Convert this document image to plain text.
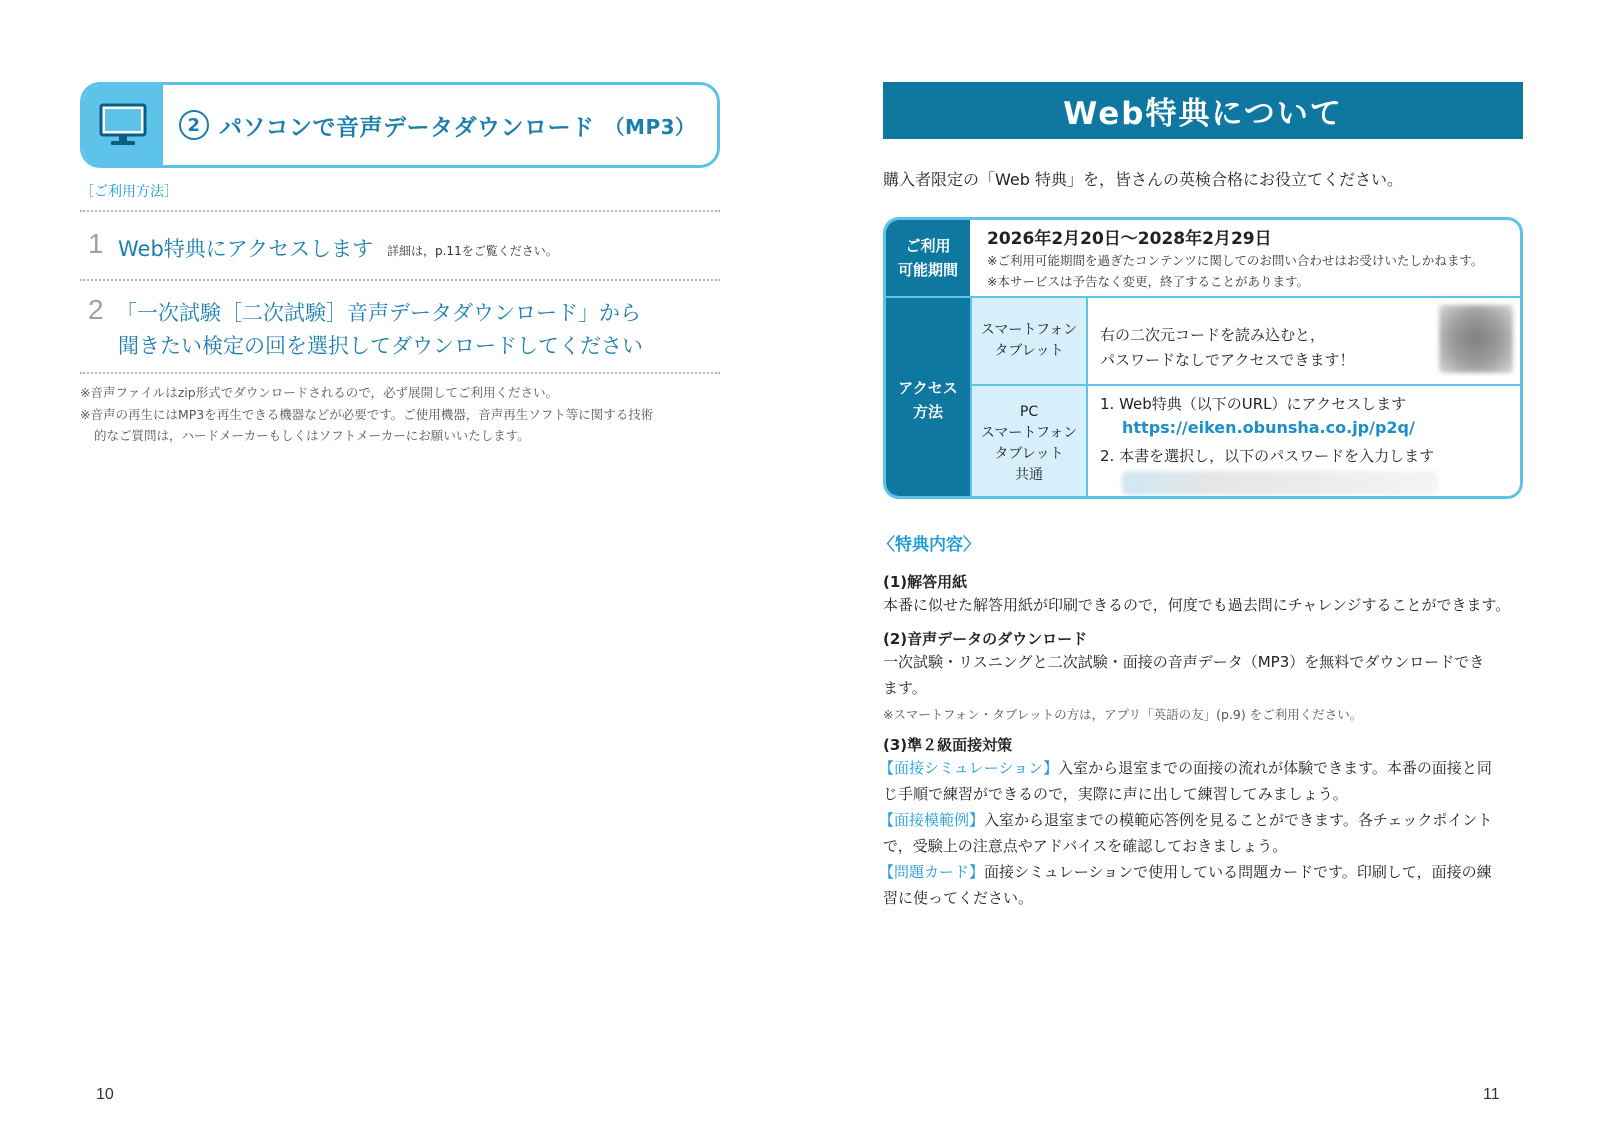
2 パソコンで音声データダウンロード （MP3）
［ご利用方法］
1 Web特典にアクセスします 詳細は，p.11をご覧ください。
2 「一次試験［二次試験］音声データダウンロード」から
聞きたい検定の回を選択してダウンロードしてください
※音声ファイルはzip形式でダウンロードされるので，必ず展開してご利用ください。
※音声の再生にはMP3を再生できる機器などが必要です。ご使用機器，音声再生ソフト等に関する技術
的なご質問は，ハードメーカーもしくはソフトメーカーにお願いいたします。
10
Web特典について
購入者限定の「Web 特典」を，皆さんの英検合格にお役立てください。
ご利用
可能期間
2026年2月20日〜2028年2月29日
※ご利用可能期間を過ぎたコンテンツに関してのお問い合わせはお受けいたしかねます。
※本サービスは予告なく変更，終了することがあります。
アクセス
方法
スマートフォン
タブレット
右の二次元コードを読み込むと，
パスワードなしでアクセスできます！
PC
スマートフォン
タブレット
共通
1. Web特典（以下のURL）にアクセスします
https://eiken.obunsha.co.jp/p2q/
2. 本書を選択し，以下のパスワードを入力します
〈特典内容〉
(1)解答用紙
本番に似せた解答用紙が印刷できるので，何度でも過去問にチャレンジすることができます。
(2)音声データのダウンロード
一次試験・リスニングと二次試験・面接の音声データ（MP3）を無料でダウンロードでき
ます。
※スマートフォン・タブレットの方は，アプリ「英語の友」(p.9) をご利用ください。
(3)準２級面接対策
【面接シミュレーション】入室から退室までの面接の流れが体験できます。本番の面接と同
じ手順で練習ができるので，実際に声に出して練習してみましょう。
【面接模範例】入室から退室までの模範応答例を見ることができます。各チェックポイント
で，受験上の注意点やアドバイスを確認しておきましょう。
【問題カード】面接シミュレーションで使用している問題カードです。印刷して，面接の練
習に使ってください。
11
